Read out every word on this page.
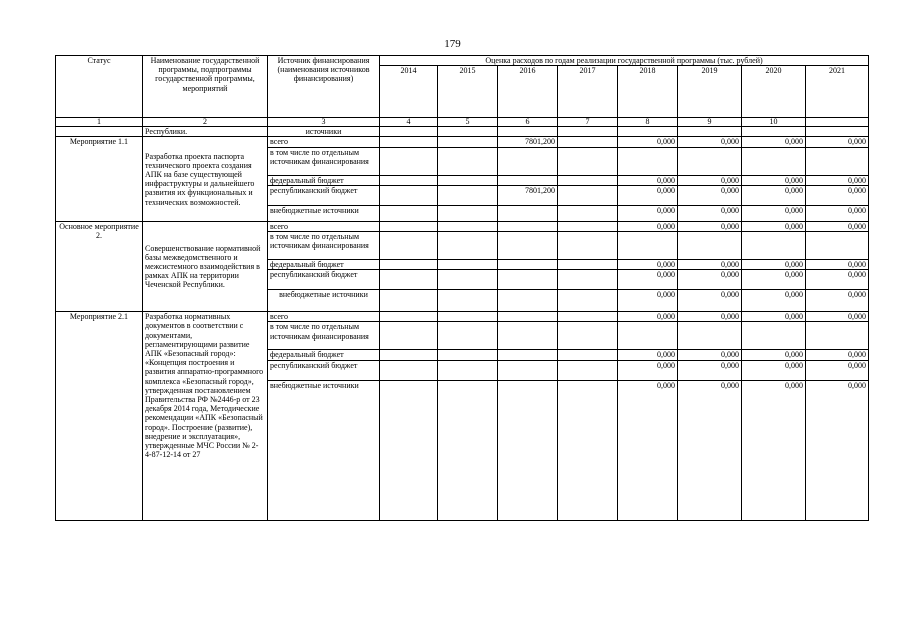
179
Статус	Наименование государственной программы, подпрограммы государственной программы, мероприятий	Источник финансирования (наименования источников финансирования)	Оценка расходов по годам реализации государственной программы (тыс. рублей)							
			2014	2015	2016	2017	2018	2019	2020	2021
1	2	3	4	5	6	7	8	9	10	
	Республики.	источники								
Мероприятие 1.1	Разработка проекта паспорта технического проекта создания АПК на базе существующей инфраструктуры и дальнейшего развития их функциональных и технических возможностей.	всего			7801,200		0,000	0,000	0,000	0,000
		в том числе по отдельным источникам финансирования								
		федеральный бюджет					0,000	0,000	0,000	0,000
		республиканский бюджет			7801,200		0,000	0,000	0,000	0,000
		внебюджетные источники					0,000	0,000	0,000	0,000
Основное мероприятие 2.	Совершенствование нормативной базы межведомственного и межсистемного взаимодействия в рамках АПК на территории Чеченской Республики.	всего					0,000	0,000	0,000	0,000
		в том числе по отдельным источникам финансирования								
		федеральный бюджет					0,000	0,000	0,000	0,000
		республиканский бюджет					0,000	0,000	0,000	0,000
		внебюджетные источники					0,000	0,000	0,000	0,000
Мероприятие 2.1	Разработка нормативных документов в соответствии с документами, регламентирующими развитие АПК «Безопасный город»: «Концепция построения и развития аппаратно-программного комплекса «Безопасный город», утвержденная постановлением Правительства РФ №2446-р от 23 декабря 2014 года, Методические рекомендации «АПК «Безопасный город». Построение (развитие), внедрение и эксплуатация», утвержденные МЧС России № 2-4-87-12-14 от 27	всего					0,000	0,000	0,000	0,000
		в том числе по отдельным источникам финансирования								
		федеральный бюджет					0,000	0,000	0,000	0,000
		республиканский бюджет					0,000	0,000	0,000	0,000
		внебюджетные источники					0,000	0,000	0,000	0,000
